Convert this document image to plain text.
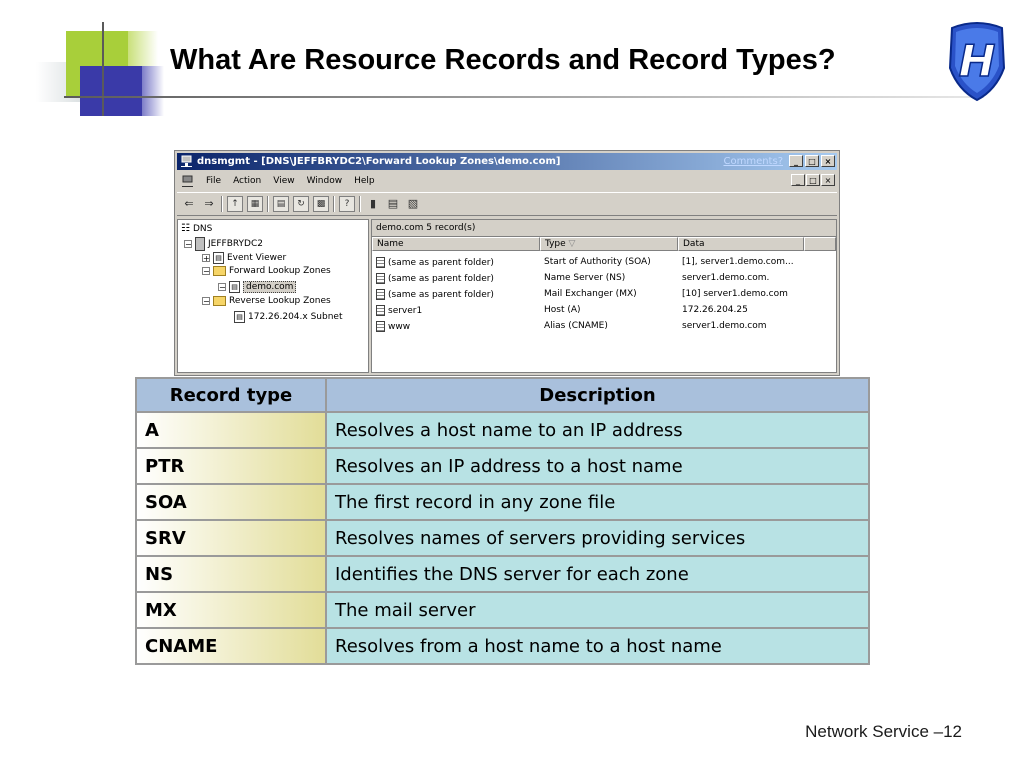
What Are Resource Records and Record Types?	H
dnsmgmt - [DNS\JEFFBRYDC2\Forward Lookup Zones\demo.com]	Comments?	_	□	×
File Action View Window Help	_	□ ×
⇐ ⇒	↑	▦	▤	↻	▩	?	▮	▤ ▧
☷ DNS
− JEFFBRYDC2
+ ▤ Event Viewer
− Forward Lookup Zones
− ▤ demo.com
− Reverse Lookup Zones
▤ 172.26.204.x Subnet
demo.com 5 record(s)
Name	Type ▽	Data
(same as parent folder)	Start of Authority (SOA)	[1], server1.demo.com...
(same as parent folder)	Name Server (NS)	server1.demo.com.
(same as parent folder)	Mail Exchanger (MX)	[10] server1.demo.com
server1	Host (A)	172.26.204.25
www	Alias (CNAME)	server1.demo.com
Record type	Description
A	Resolves a host name to an IP address
PTR	Resolves an IP address to a host name
SOA	The first record in any zone file
SRV	Resolves names of servers providing services
NS	Identifies the DNS server for each zone
MX	The mail server
CNAME	Resolves from a host name to a host name
Network Service –12
